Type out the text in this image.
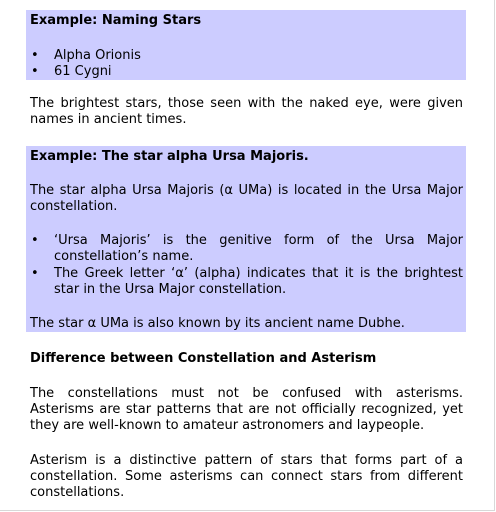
Example: Naming Stars

• Alpha Orionis

• 61 Cygni

The brightest stars, those seen with the naked eye, were given names in ancient times.

Example: The star alpha Ursa Majoris.

The star alpha Ursa Majoris (α UMa) is located in the Ursa Major constellation.

• ‘Ursa Majoris’ is the genitive form of the Ursa Major constellation’s name.

• The Greek letter ‘α’ (alpha) indicates that it is the brightest star in the Ursa Major constellation.

The star α UMa is also known by its ancient name Dubhe.

Difference between Constellation and Asterism

The constellations must not be confused with asterisms. Asterisms are star patterns that are not officially recognized, yet they are well-known to amateur astronomers and laypeople.

Asterism is a distinctive pattern of stars that forms part of a constellation. Some asterisms can connect stars from different constellations.
